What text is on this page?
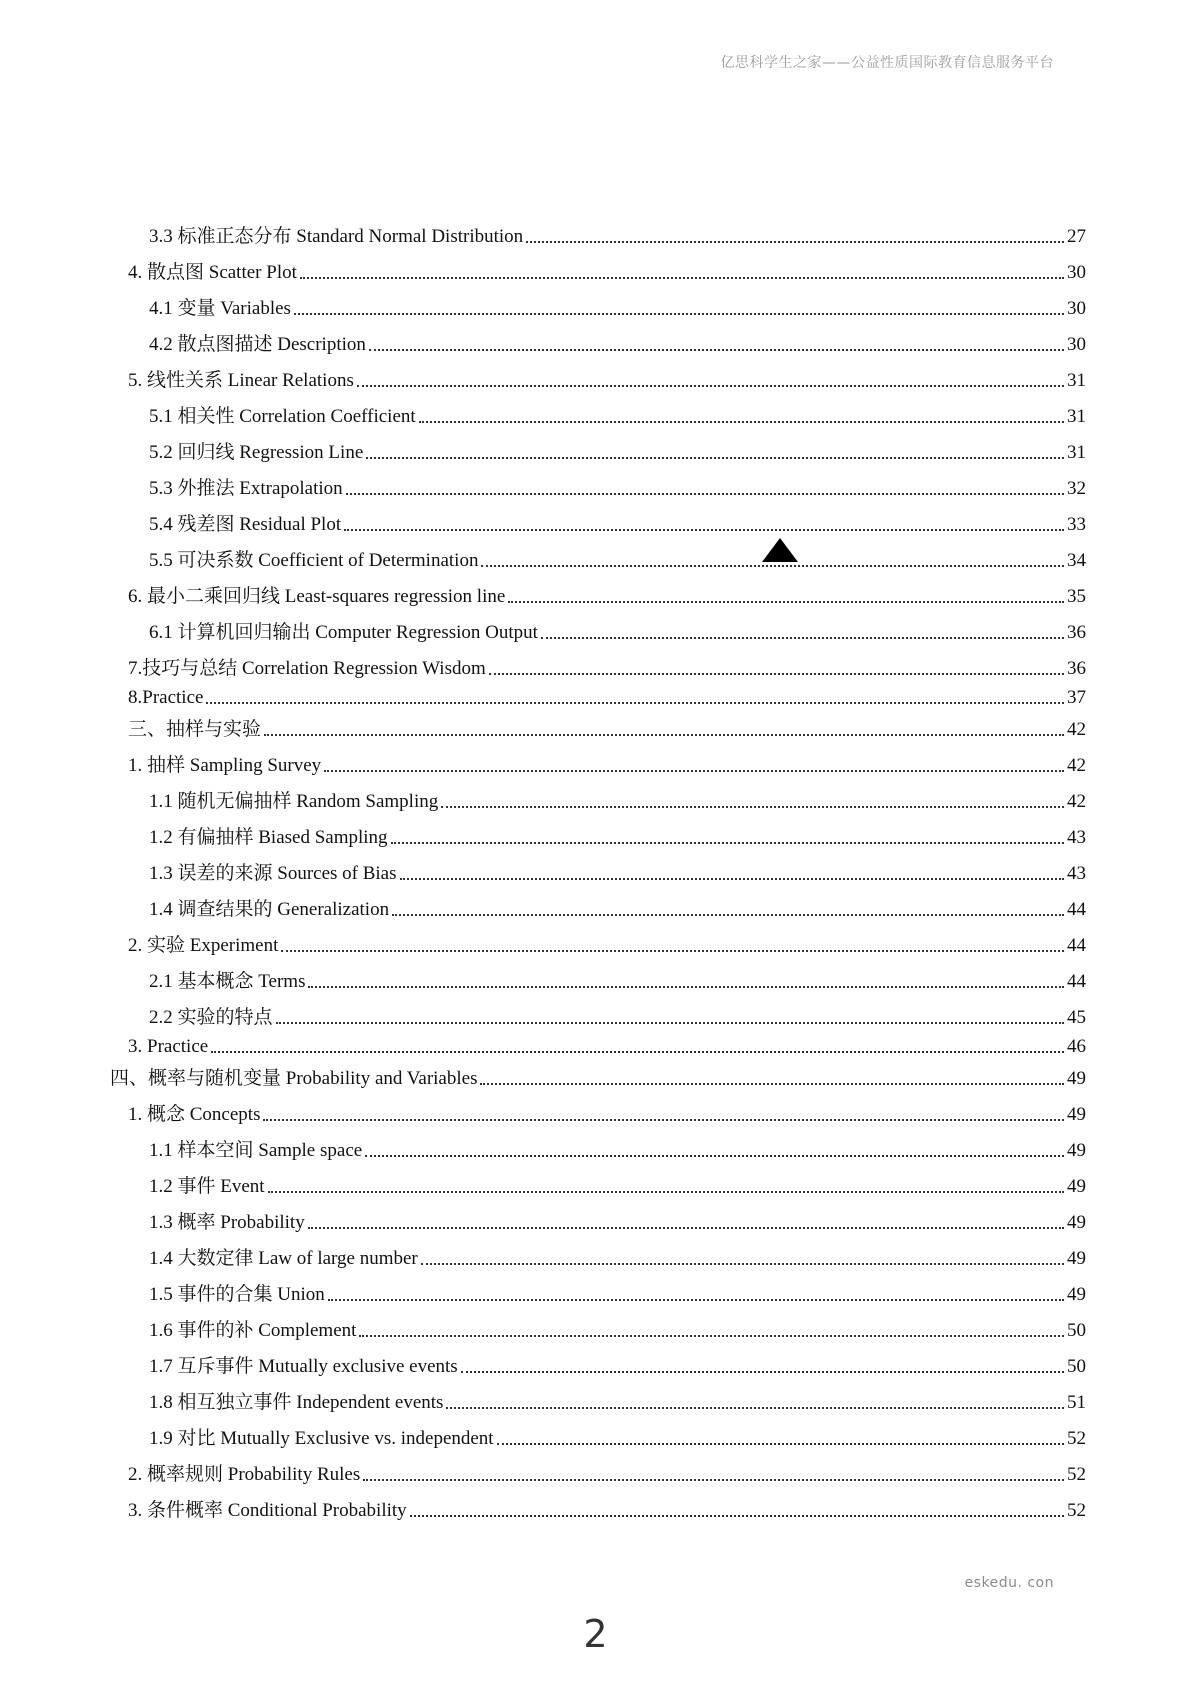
亿思科学生之家——公益性质国际教育信息服务平台
3.3 标准正态分布 Standard Normal Distribution	27
4. 散点图 Scatter Plot	30
4.1 变量 Variables	30
4.2 散点图描述 Description	30
5. 线性关系 Linear Relations	31
5.1 相关性 Correlation Coefficient	31
5.2 回归线 Regression Line	31
5.3 外推法 Extrapolation	32
5.4 残差图 Residual Plot	33
5.5 可决系数 Coefficient of Determination	34
6. 最小二乘回归线 Least-squares regression line	35
6.1 计算机回归输出 Computer Regression Output	36
7.技巧与总结 Correlation Regression Wisdom	36
8.Practice	37
三、抽样与实验	42
1. 抽样 Sampling Survey	42
1.1 随机无偏抽样 Random Sampling	42
1.2 有偏抽样 Biased Sampling	43
1.3 误差的来源 Sources of Bias	43
1.4 调查结果的 Generalization	44
2. 实验 Experiment	44
2.1 基本概念 Terms	44
2.2 实验的特点	45
3. Practice	46
四、概率与随机变量 Probability and Variables	49
1. 概念 Concepts	49
1.1 样本空间 Sample space	49
1.2 事件 Event	49
1.3 概率 Probability	49
1.4 大数定律 Law of large number	49
1.5 事件的合集 Union	49
1.6 事件的补 Complement	50
1.7 互斥事件 Mutually exclusive events	50
1.8 相互独立事件 Independent events	51
1.9 对比 Mutually Exclusive vs. independent	52
2. 概率规则 Probability Rules	52
3. 条件概率 Conditional Probability	52
eskedu. con
2
